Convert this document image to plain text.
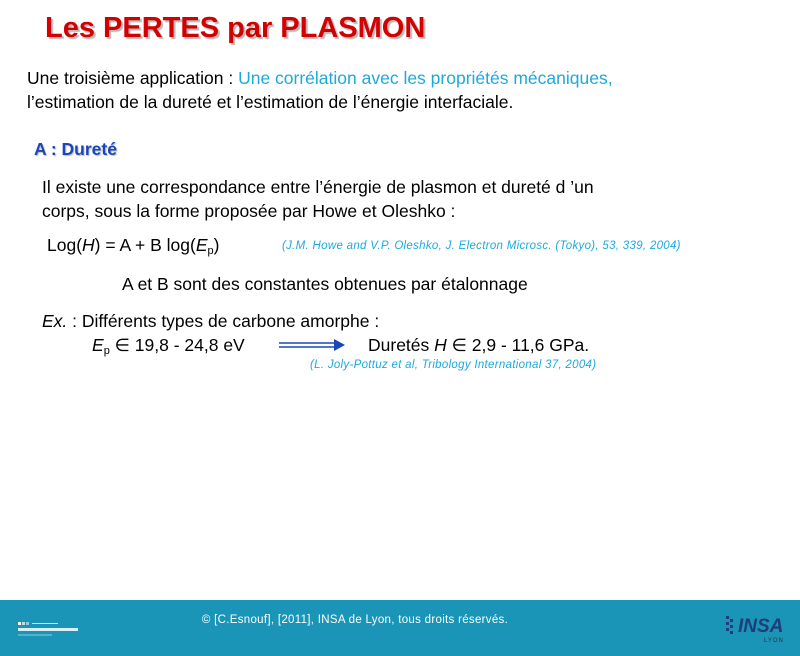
Les PERTES par PLASMON
Une troisième application : Une corrélation avec les propriétés mécaniques,
l’estimation de la dureté et l’estimation de l’énergie interfaciale.
A : Dureté
Il existe une correspondance entre l’énergie de plasmon et dureté d ’un
corps, sous la forme proposée par Howe et Oleshko :
Log(H) = A + B $\log(E_p)$	(J.M. Howe and V.P. Oleshko, J. Electron Microsc. (Tokyo), 53, 339, 2004)
A et B sont des constantes obtenues par étalonnage
Ex. : Différents types de carbone amorphe :
$E_p$ ∈ 19,8 - 24,8 eV	Duretés H ∈ 2,9 - 11,6 GPa.
(L. Joly-Pottuz et al, Tribology International 37, 2004)
© [C.Esnouf], [2011], INSA de Lyon, tous droits réservés.	INSA
LYON
